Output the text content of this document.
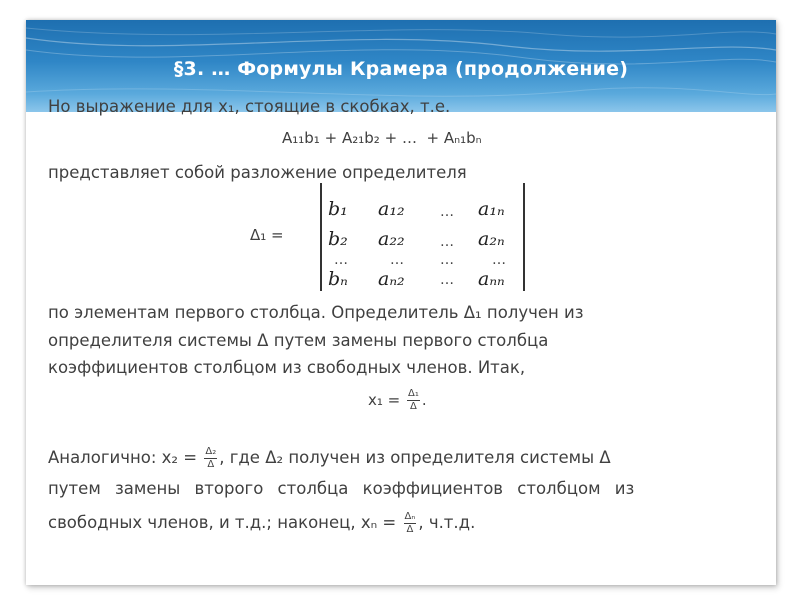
§3. … Формулы Крамера (продолжение)
Но выражение для x₁, стоящие в скобках, т.е.
A₁₁b₁ + A₂₁b₂ + … + Aₙ₁bₙ
представляет собой разложение определителя
Δ₁ =
b₁	a₁₂	…	a₁ₙ
b₂	a₂₂	…	a₂ₙ
…	…	…	…
bₙ	aₙ₂	…	aₙₙ
по элементам первого столбца. Определитель Δ₁ получен из
определителя системы Δ путем замены первого столбца
коэффициентов столбцом из свободных членов. Итак,
$x_1 = \frac{\text{Δ₁}}{\Delta}$ .
Аналогично: $x_2 = \frac{\text{Δ₂}}{\Delta}$ , где Δ₂ получен из определителя системы Δ
путем замены второго столбца коэффициентов столбцом из
свободных членов, и т.д.; наконец, $x_n = \frac{\text{Δₙ}}{\Delta}$ , ч.т.д.
